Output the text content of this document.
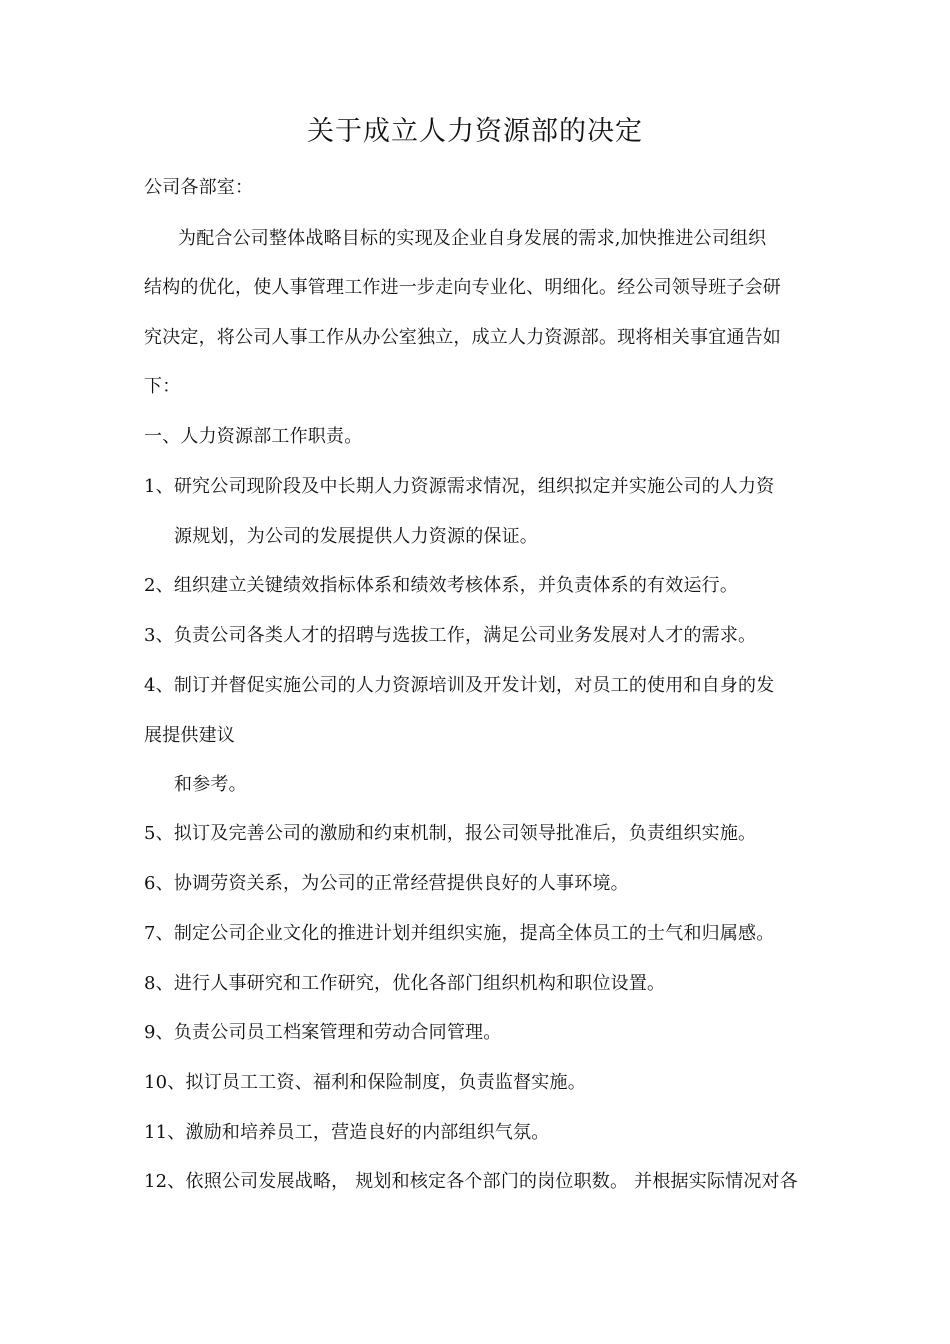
关于成立人力资源部的决定
公司各部室：
为配合公司整体战略目标的实现及企业自身发展的需求,加快推进公司组织
结构的优化，使人事管理工作进一步走向专业化、明细化。经公司领导班子会研
究决定，将公司人事工作从办公室独立，成立人力资源部。现将相关事宜通告如
下：
一、人力资源部工作职责。
1、研究公司现阶段及中长期人力资源需求情况，组织拟定并实施公司的人力资
源规划，为公司的发展提供人力资源的保证。
2、组织建立关键绩效指标体系和绩效考核体系，并负责体系的有效运行。
3、负责公司各类人才的招聘与选拔工作，满足公司业务发展对人才的需求。
4、制订并督促实施公司的人力资源培训及开发计划，对员工的使用和自身的发
展提供建议
和参考。
5、拟订及完善公司的激励和约束机制，报公司领导批准后，负责组织实施。
6、协调劳资关系，为公司的正常经营提供良好的人事环境。
7、制定公司企业文化的推进计划并组织实施，提高全体员工的士气和归属感。
8、进行人事研究和工作研究，优化各部门组织机构和职位设置。
9、负责公司员工档案管理和劳动合同管理。
10、拟订员工工资、福利和保险制度，负责监督实施。
11、激励和培养员工，营造良好的内部组织气氛。
12、依照公司发展战略， 规划和核定各个部门的岗位职数。 并根据实际情况对各
